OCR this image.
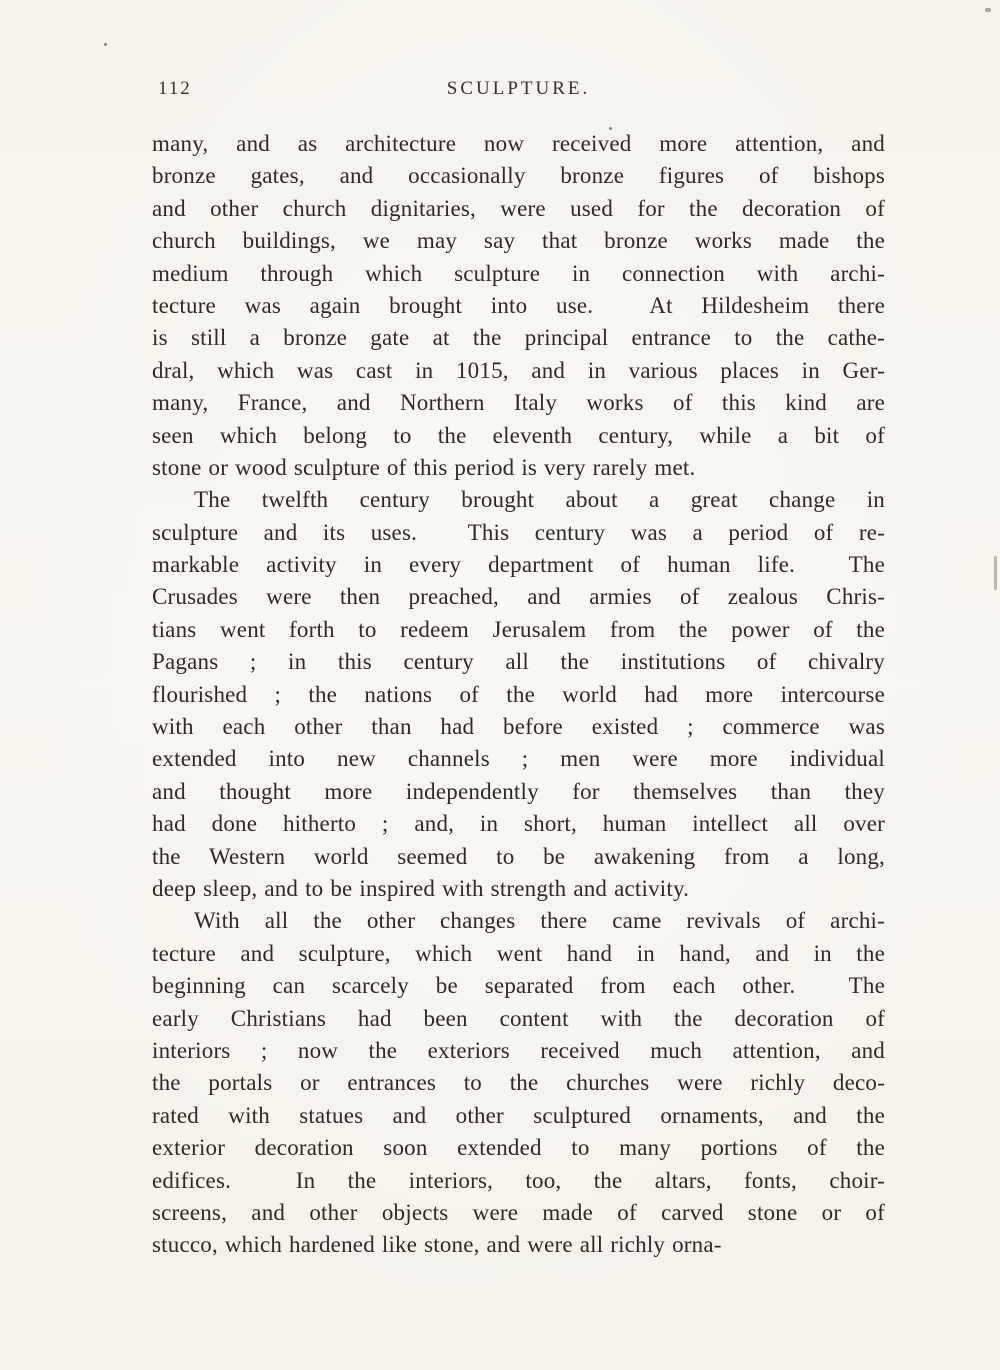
112	SCULPTURE.
many, and as architecture now received more attention, and
bronze gates, and occasionally bronze figures of bishops
and other church dignitaries, were used for the decoration of
church buildings, we may say that bronze works made the
medium through which sculpture in connection with archi-
tecture was again brought into use.  At Hildesheim there
is still a bronze gate at the principal entrance to the cathe-
dral, which was cast in 1015, and in various places in Ger-
many, France, and Northern Italy works of this kind are
seen which belong to the eleventh century, while a bit of
stone or wood sculpture of this period is very rarely met.
The twelfth century brought about a great change in
sculpture and its uses.  This century was a period of re-
markable activity in every department of human life.  The
Crusades were then preached, and armies of zealous Chris-
tians went forth to redeem Jerusalem from the power of the
Pagans ; in this century all the institutions of chivalry
flourished ; the nations of the world had more intercourse
with each other than had before existed ; commerce was
extended into new channels ; men were more individual
and thought more independently for themselves than they
had done hitherto ; and, in short, human intellect all over
the Western world seemed to be awakening from a long,
deep sleep, and to be inspired with strength and activity.
With all the other changes there came revivals of archi-
tecture and sculpture, which went hand in hand, and in the
beginning can scarcely be separated from each other.  The
early Christians had been content with the decoration of
interiors ; now the exteriors received much attention, and
the portals or entrances to the churches were richly deco-
rated with statues and other sculptured ornaments, and the
exterior decoration soon extended to many portions of the
edifices.  In the interiors, too, the altars, fonts, choir-
screens, and other objects were made of carved stone or of
stucco, which hardened like stone, and were all richly orna-
